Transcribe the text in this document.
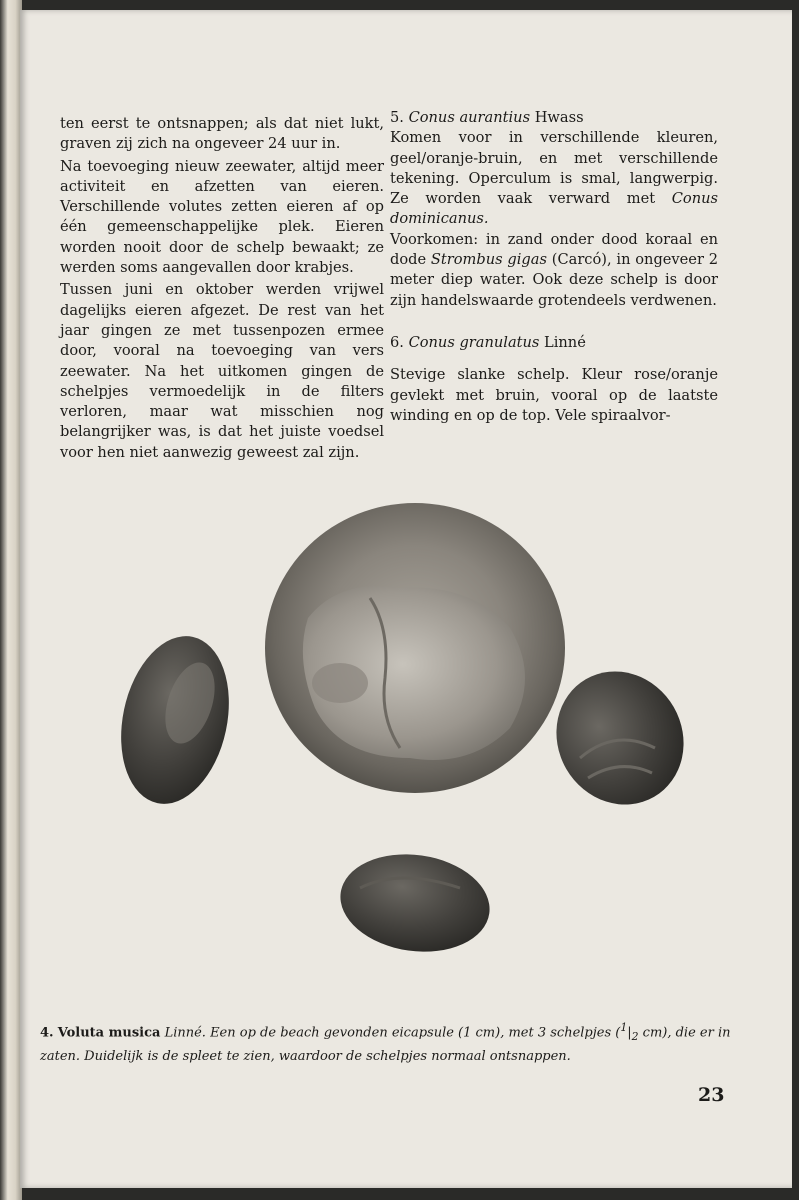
ten eerst te ontsnappen; als dat niet lukt, graven zij zich na ongeveer 24 uur in.

Na toevoeging nieuw zeewater, altijd meer activiteit en afzetten van eieren. Verschillende volutes zetten eieren af op één gemeenschappelijke plek. Eieren worden nooit door de schelp bewaakt; ze werden soms aangevallen door krabjes.

Tussen juni en oktober werden vrijwel dagelijks eieren afgezet. De rest van het jaar gingen ze met tussenpozen ermee door, vooral na toevoeging van vers zeewater. Na het uitkomen gingen de schelpjes vermoedelijk in de filters verloren, maar wat misschien nog belangrijker was, is dat het juiste voedsel voor hen niet aanwezig geweest zal zijn.

5. Conus aurantius Hwass

Komen voor in verschillende kleuren, geel/oranje-bruin, en met verschillende tekening. Operculum is smal, langwerpig. Ze worden vaak verward met Conus dominicanus.

Voorkomen: in zand onder dood koraal en dode Strombus gigas (Carcó), in ongeveer 2 meter diep water. Ook deze schelp is door zijn handelswaarde grotendeels verdwenen.

6. Conus granulatus Linné

Stevige slanke schelp. Kleur rose/oranje gevlekt met bruin, vooral op de laatste winding en op de top. Vele spiraalvor-

4. Voluta musica Linné. Een op de beach gevonden eicapsule (1 cm), met 3 schelpjes ($^1|_2$ cm), die er in zaten. Duidelijk is de spleet te zien, waardoor de schelpjes normaal ontsnappen.
23
